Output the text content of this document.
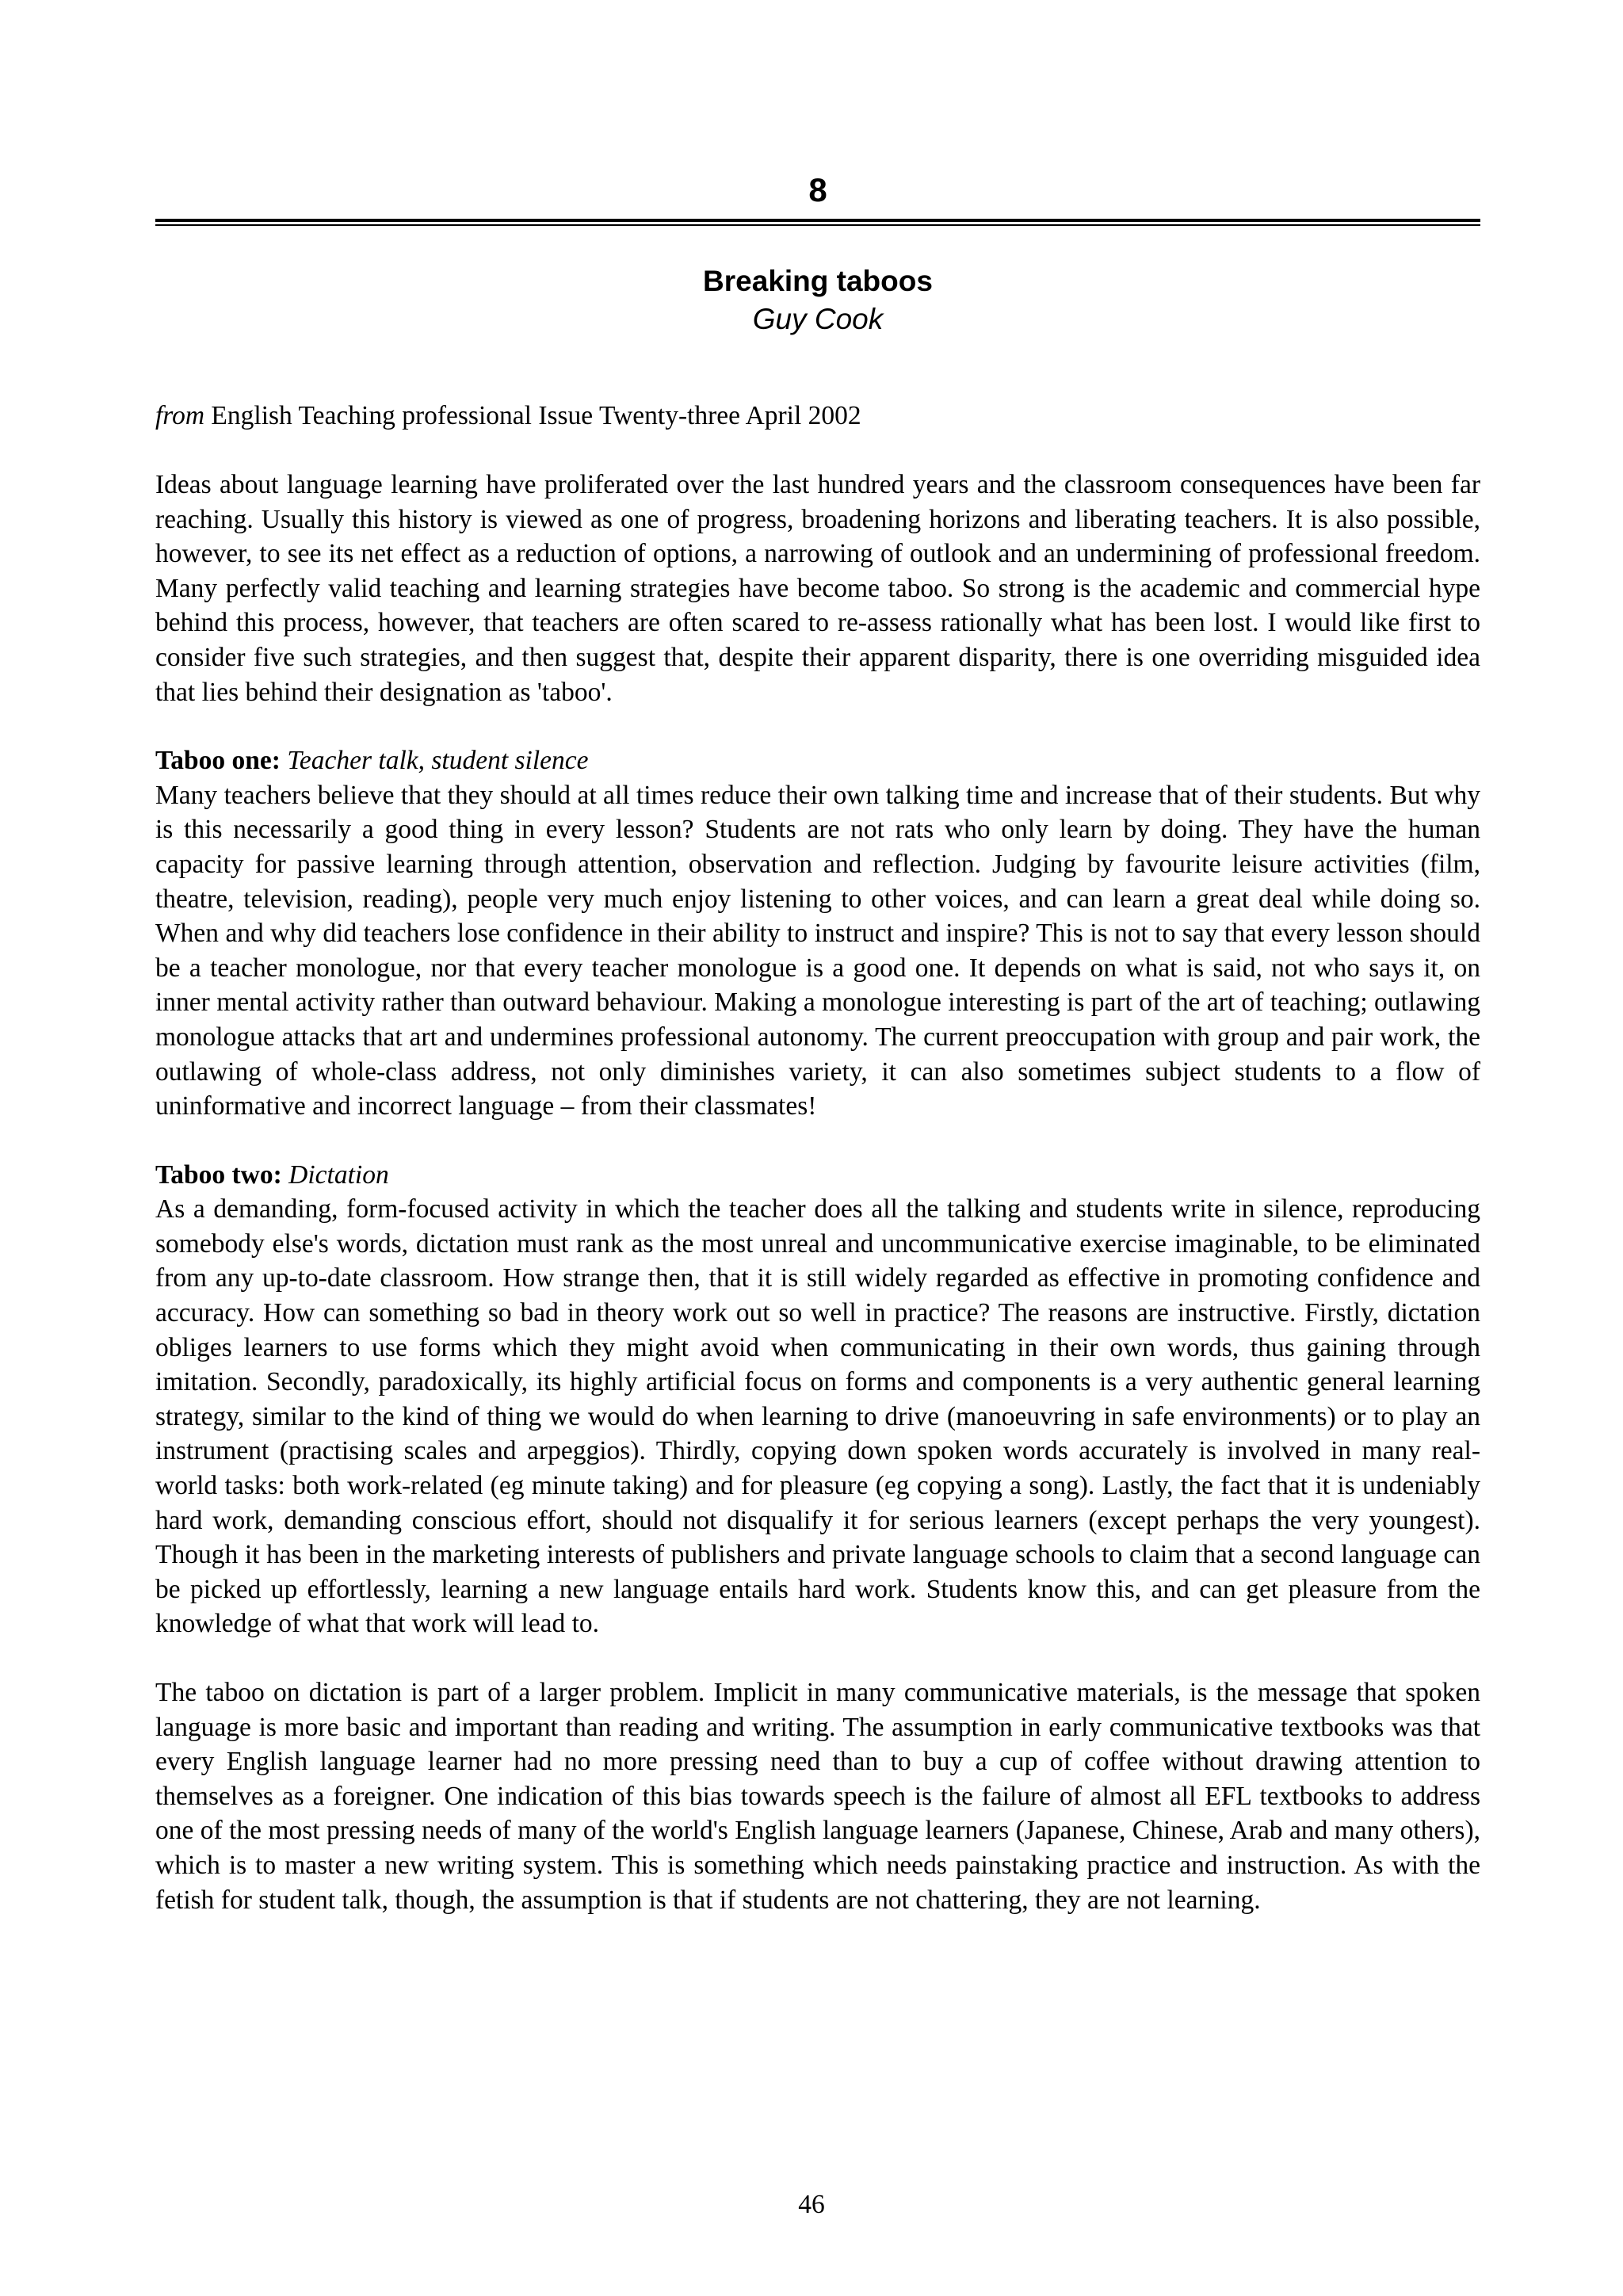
8
Breaking taboos
Guy Cook
from English Teaching professional Issue Twenty-three April 2002

Ideas about language learning have proliferated over the last hundred years and the classroom consequences have been far reaching. Usually this history is viewed as one of progress, broadening horizons and liberating teachers. It is also possible, however, to see its net effect as a reduction of options, a narrowing of outlook and an undermining of professional freedom. Many perfectly valid teaching and learning strategies have become taboo. So strong is the academic and commercial hype behind this process, however, that teachers are often scared to re-assess rationally what has been lost. I would like first to consider five such strategies, and then suggest that, despite their apparent disparity, there is one overriding misguided idea that lies behind their designation as 'taboo'.

Taboo one: Teacher talk, student silence

Many teachers believe that they should at all times reduce their own talking time and increase that of their students. But why is this necessarily a good thing in every lesson? Students are not rats who only learn by doing. They have the human capacity for passive learning through attention, observation and reflection. Judging by favourite leisure activities (film, theatre, television, reading), people very much enjoy listening to other voices, and can learn a great deal while doing so. When and why did teachers lose confidence in their ability to instruct and inspire? This is not to say that every lesson should be a teacher monologue, nor that every teacher monologue is a good one. It depends on what is said, not who says it, on inner mental activity rather than outward behaviour. Making a monologue interesting is part of the art of teaching; outlawing monologue attacks that art and undermines professional autonomy. The current preoccupation with group and pair work, the outlawing of whole-class address, not only diminishes variety, it can also sometimes subject students to a flow of uninformative and incorrect language – from their classmates!

Taboo two: Dictation

As a demanding, form-focused activity in which the teacher does all the talking and students write in silence, reproducing somebody else's words, dictation must rank as the most unreal and uncommunicative exercise imaginable, to be eliminated from any up-to-date classroom. How strange then, that it is still widely regarded as effective in promoting confidence and accuracy. How can something so bad in theory work out so well in practice? The reasons are instructive. Firstly, dictation obliges learners to use forms which they might avoid when communicating in their own words, thus gaining through imitation. Secondly, paradoxically, its highly artificial focus on forms and components is a very authentic general learning strategy, similar to the kind of thing we would do when learning to drive (manoeuvring in safe environments) or to play an instrument (practising scales and arpeggios). Thirdly, copying down spoken words accurately is involved in many real-world tasks: both work-related (eg minute taking) and for pleasure (eg copying a song). Lastly, the fact that it is undeniably hard work, demanding conscious effort, should not disqualify it for serious learners (except perhaps the very youngest). Though it has been in the marketing interests of publishers and private language schools to claim that a second language can be picked up effortlessly, learning a new language entails hard work. Students know this, and can get pleasure from the knowledge of what that work will lead to.

The taboo on dictation is part of a larger problem. Implicit in many communicative materials, is the message that spoken language is more basic and important than reading and writing. The assumption in early communicative textbooks was that every English language learner had no more pressing need than to buy a cup of coffee without drawing attention to themselves as a foreigner. One indication of this bias towards speech is the failure of almost all EFL textbooks to address one of the most pressing needs of many of the world's English language learners (Japanese, Chinese, Arab and many others), which is to master a new writing system. This is something which needs painstaking practice and instruction. As with the fetish for student talk, though, the assumption is that if students are not chattering, they are not learning.

46
